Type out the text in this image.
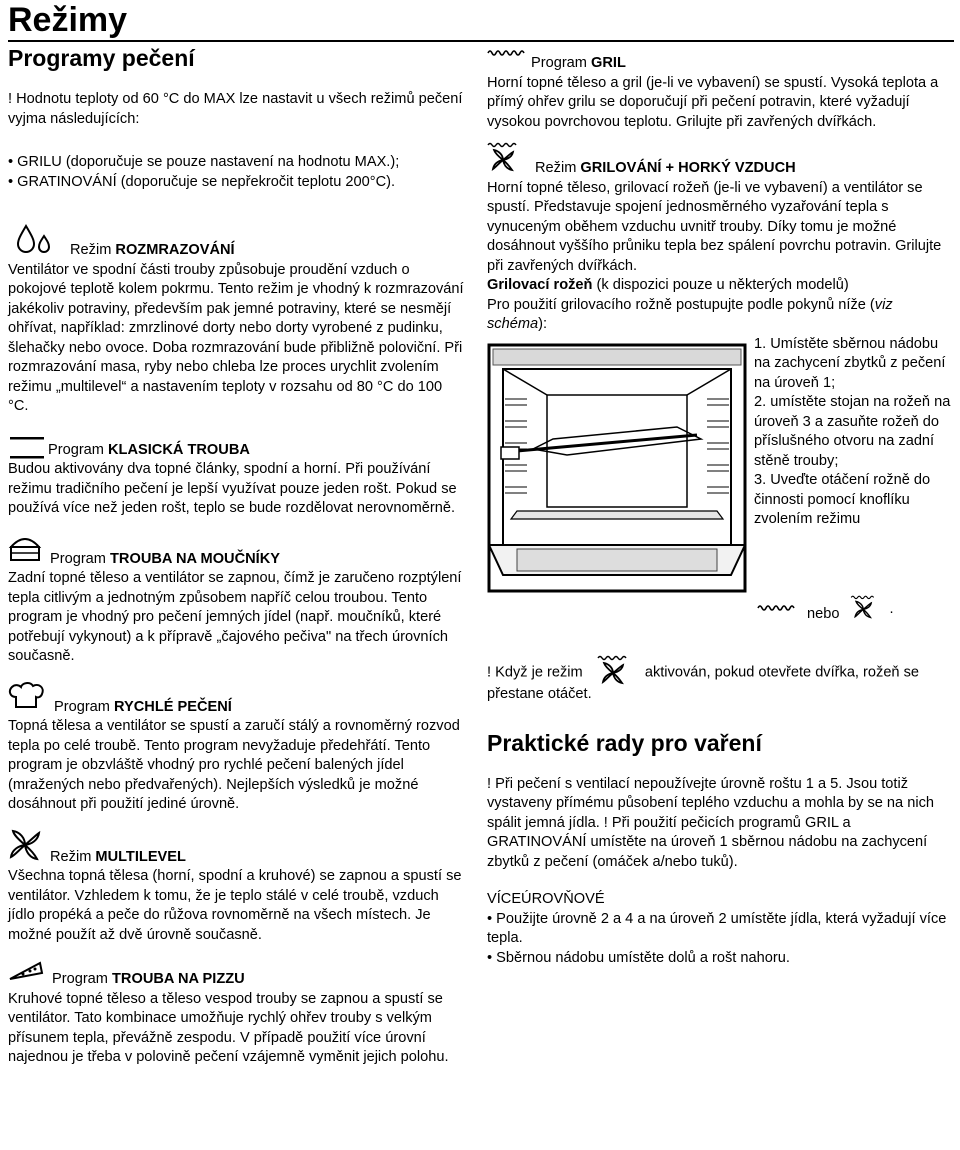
Režimy
Programy pečení

! Hodnotu teploty od 60 °C do MAX lze nastavit u všech režimů pečení vyjma následujících:

• GRILU (doporučuje se pouze nastavení na hodnotu MAX.);

• GRATINOVÁNÍ (doporučuje se nepřekročit teplotu 200°C).

Režim ROZMRAZOVÁNÍ

Ventilátor ve spodní části trouby způsobuje proudění vzduch o pokojové teplotě kolem pokrmu. Tento režim je vhodný k rozmrazování jakékoliv potraviny, především pak jemné potraviny, které se nesmějí ohřívat, například: zmrzlinové dorty nebo dorty vyrobené z pudinku, šlehačky nebo ovoce. Doba rozmrazování bude přibližně poloviční. Při rozmrazování masa, ryby nebo chleba lze proces urychlit zvolením režimu „multilevel“ a nastavením teploty v rozsahu od 80 °C do 100 °C.

Program KLASICKÁ TROUBA

Budou aktivovány dva topné články, spodní a horní. Při používání režimu tradičního pečení je lepší využívat pouze jeden rošt. Pokud se používá více než jeden rošt, teplo se bude rozdělovat nerovnoměrně.

Program TROUBA NA MOUČNÍKY

Zadní topné těleso a ventilátor se zapnou, čímž je zaručeno rozptýlení tepla citlivým a jednotným způsobem napříč celou troubou. Tento program je vhodný pro pečení jemných jídel (např. moučníků, které potřebují vykynout) a k přípravě „čajového pečiva" na třech úrovních současně.

Program RYCHLÉ PEČENÍ

Topná tělesa a ventilátor se spustí a zaručí stálý a rovnoměrný rozvod tepla po celé troubě. Tento program nevyžaduje předehřátí. Tento program je obzvláště vhodný pro rychlé pečení balených jídel (mražených nebo předvařených). Nejlepších výsledků je možné dosáhnout při použití jediné úrovně.

Režim MULTILEVEL

Všechna topná tělesa (horní, spodní a kruhové) se zapnou a spustí se ventilátor. Vzhledem k tomu, že je teplo stálé v celé troubě, vzduch jídlo propéká a peče do růžova rovnoměrně na všech místech. Je možné použít až dvě úrovně současně.

Program TROUBA NA PIZZU

Kruhové topné těleso a těleso vespod trouby se zapnou a spustí se
ventilátor. Tato kombinace umožňuje rychlý ohřev trouby s velkým přísunem tepla, převážně zespodu. V případě použití více úrovní najednou je třeba v polovině pečení vzájemně vyměnit jejich polohu.

Program GRIL

Horní topné těleso a gril (je-li ve vybavení) se spustí. Vysoká teplota a přímý ohřev grilu se doporučují při pečení potravin, které vyžadují vysokou povrchovou teplotu. Grilujte při zavřených dvířkách.

Režim GRILOVÁNÍ + HORKÝ VZDUCH

Horní topné těleso, grilovací rožeň (je-li ve vybavení) a ventilátor se spustí. Představuje spojení jednosměrného vyzařování tepla s vynuceným oběhem vzduchu uvnitř trouby. Díky tomu je možné dosáhnout vyššího průniku tepla bez spálení povrchu potravin. Grilujte při zavřených dvířkách.

Grilovací rožeň (k dispozici pouze u některých modelů)

Pro použití grilovacího rožně postupujte podle pokynů níže (viz schéma):

1. Umístěte sběrnou nádobu na zachycení zbytků z pečení na úroveň 1;

2. umístěte stojan na rožeň na úroveň 3 a zasuňte rožeň do příslušného otvoru na zadní stěně trouby;

3. Uveďte otáčení rožně do činnosti pomocí knoflíku zvolením režimu

nebo	.

! Když je režim	aktivován, pokud otevřete dvířka, rožeň se přestane otáčet.

Praktické rady pro vaření

! Při pečení s ventilací nepoužívejte úrovně roštu 1 a 5. Jsou totiž vystaveny přímému působení teplého vzduchu a mohla by se na nich spálit jemná jídla. ! Při použití pečicích programů GRIL a GRATINOVÁNÍ umístěte na úroveň 1 sběrnou nádobu na zachycení zbytků z pečení (omáček a/nebo tuků).

VÍCEÚROVŇOVÉ

• Použijte úrovně 2 a 4 a na úroveň 2 umístěte jídla, která vyžadují více tepla.

• Sběrnou nádobu umístěte dolů a rošt nahoru.
